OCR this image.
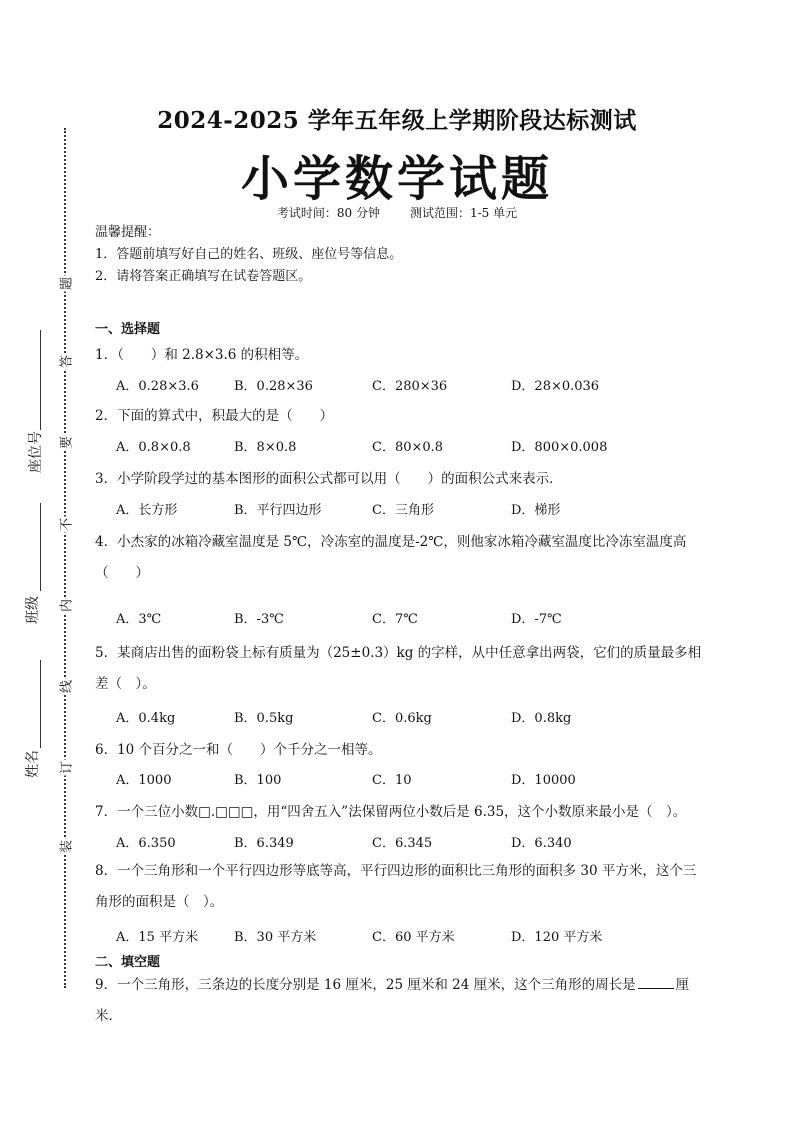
题
答
要
不
内
线
订
装
座位号
班级
姓名
2024-2025 学年五年级上学期阶段达标测试
小学数学试题
考试时间：80 分钟	测试范围：1-5 单元
温馨提醒：
1．答题前填写好自己的姓名、班级、座位号等信息。
2．请将答案正确填写在试卷答题区。
一、选择题
1．（　　）和 2.8×3.6 的积相等。
A．0.28×3.6	B．0.28×36	C．280×36	D．28×0.036
2．下面的算式中，积最大的是（　　）
A．0.8×0.8	B．8×0.8	C．80×0.8	D．800×0.008
3．小学阶段学过的基本图形的面积公式都可以用（　　）的面积公式来表示．
A．长方形	B．平行四边形	C．三角形	D．梯形
4．小杰家的冰箱冷藏室温度是 5℃，冷冻室的温度是-2℃，则他家冰箱冷藏室温度比冷冻室温度高（　　）
A．3℃	B．-3℃	C．7℃	D．-7℃
5．某商店出售的面粉袋上标有质量为（25±0.3）kg 的字样，从中任意拿出两袋，它们的质量最多相差（　）。
A．0.4kg	B．0.5kg	C．0.6kg	D．0.8kg
6．10 个百分之一和（　　）个千分之一相等。
A．1000	B．100	C．10	D．10000
7．一个三位小数□.□□□，用“四舍五入”法保留两位小数后是 6.35，这个小数原来最小是（　）。
A．6.350	B．6.349	C．6.345	D．6.340
8．一个三角形和一个平行四边形等底等高，平行四边形的面积比三角形的面积多 30 平方米，这个三角形的面积是（　）。
A．15 平方米	B．30 平方米	C．60 平方米	D．120 平方米
二、填空题
9．一个三角形，三条边的长度分别是 16 厘米，25 厘米和 24 厘米，这个三角形的周长是	厘米．
